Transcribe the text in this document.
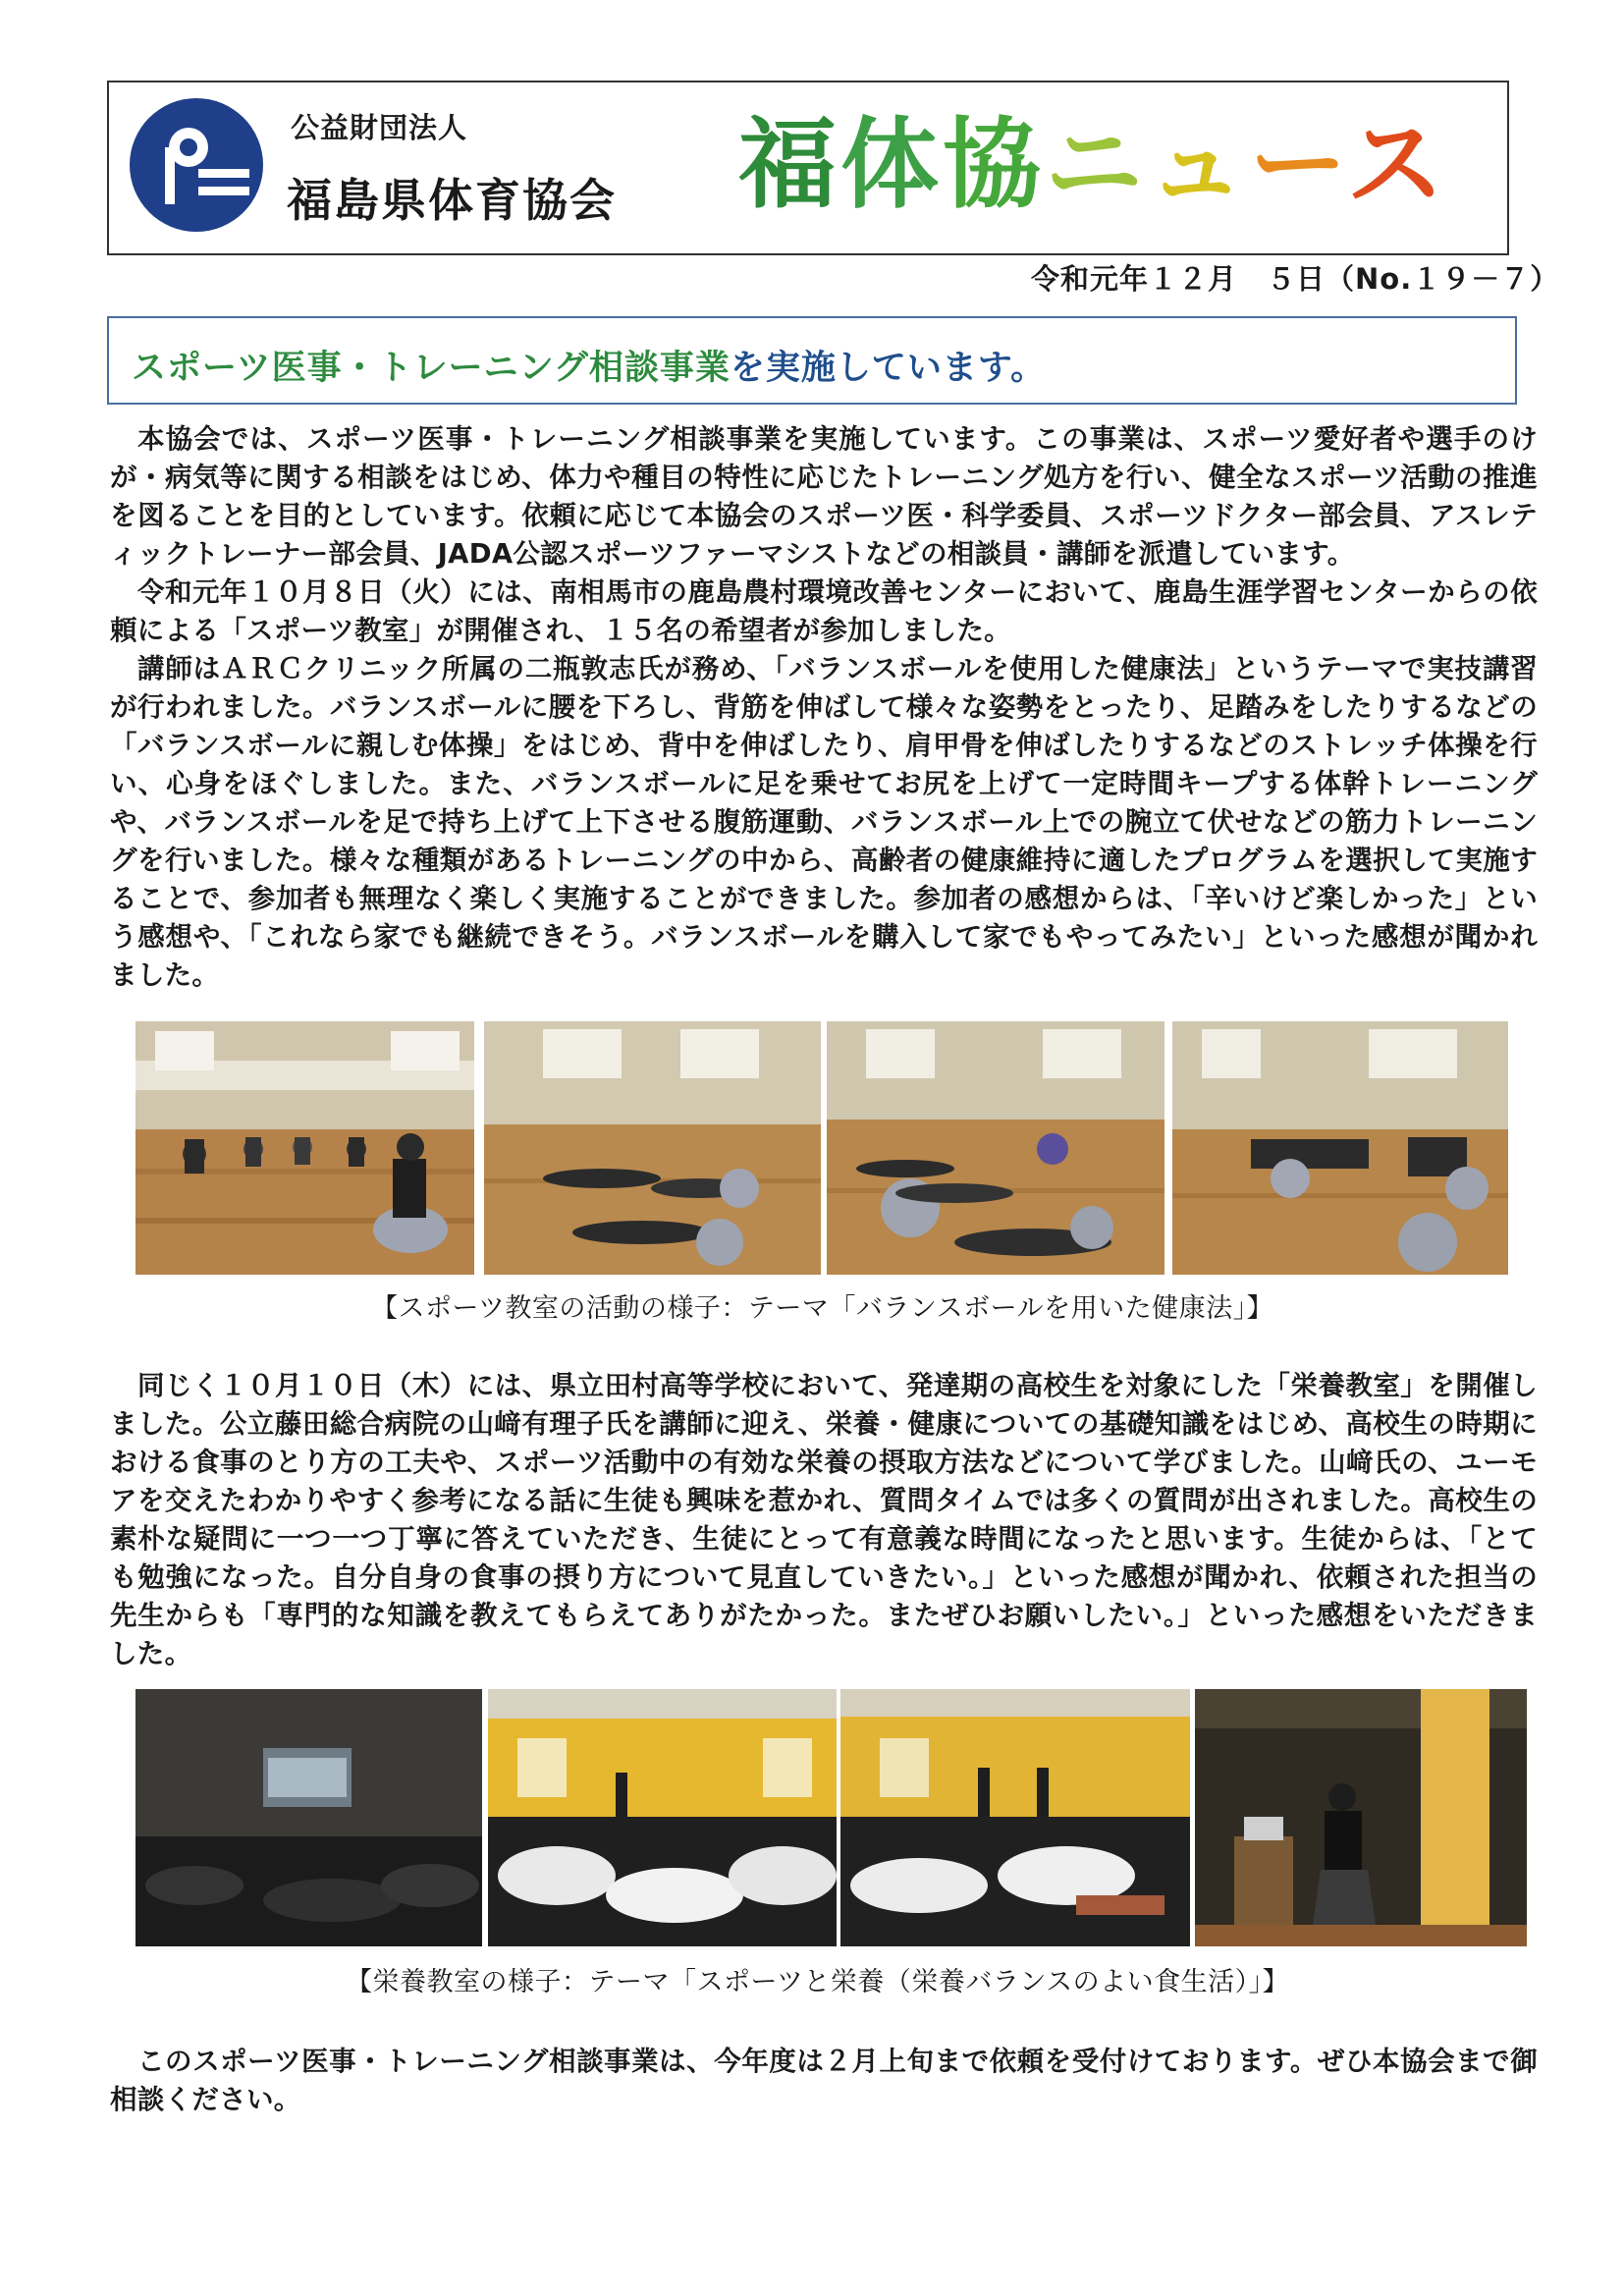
公益財団法人
福島県体育協会 福体協ニュース
令和元年１２月　５日（No.１９－７）
スポーツ医事・トレーニング相談事業を実施しています。
本協会では、スポーツ医事・トレーニング相談事業を実施しています。この事業は、スポーツ愛好者や選手のけが・病気等に関する相談をはじめ、体力や種目の特性に応じたトレーニング処方を行い、健全なスポーツ活動の推進を図ることを目的としています。依頼に応じて本協会のスポーツ医・科学委員、スポーツドクター部会員、アスレティックトレーナー部会員、JADA公認スポーツファーマシストなどの相談員・講師を派遣しています。
令和元年１０月８日（火）には、南相馬市の鹿島農村環境改善センターにおいて、鹿島生涯学習センターからの依頼による「スポーツ教室」が開催され、１５名の希望者が参加しました。
講師はＡＲＣクリニック所属の二瓶敦志氏が務め、「バランスボールを使用した健康法」というテーマで実技講習が行われました。バランスボールに腰を下ろし、背筋を伸ばして様々な姿勢をとったり、足踏みをしたりするなどの「バランスボールに親しむ体操」をはじめ、背中を伸ばしたり、肩甲骨を伸ばしたりするなどのストレッチ体操を行い、心身をほぐしました。また、バランスボールに足を乗せてお尻を上げて一定時間キープする体幹トレーニングや、バランスボールを足で持ち上げて上下させる腹筋運動、バランスボール上での腕立て伏せなどの筋力トレーニングを行いました。様々な種類があるトレーニングの中から、高齢者の健康維持に適したプログラムを選択して実施することで、参加者も無理なく楽しく実施することができました。参加者の感想からは、「辛いけど楽しかった」という感想や、「これなら家でも継続できそう。バランスボールを購入して家でもやってみたい」といった感想が聞かれました。
【スポーツ教室の活動の様子：テーマ「バランスボールを用いた健康法」】
同じく１０月１０日（木）には、県立田村高等学校において、発達期の高校生を対象にした「栄養教室」を開催しました。公立藤田総合病院の山﨑有理子氏を講師に迎え、栄養・健康についての基礎知識をはじめ、高校生の時期における食事のとり方の工夫や、スポーツ活動中の有効な栄養の摂取方法などについて学びました。山﨑氏の、ユーモアを交えたわかりやすく参考になる話に生徒も興味を惹かれ、質問タイムでは多くの質問が出されました。高校生の素朴な疑問に一つ一つ丁寧に答えていただき、生徒にとって有意義な時間になったと思います。生徒からは、「とても勉強になった。自分自身の食事の摂り方について見直していきたい。」といった感想が聞かれ、依頼された担当の先生からも「専門的な知識を教えてもらえてありがたかった。またぜひお願いしたい。」といった感想をいただきました。
【栄養教室の様子：テーマ「スポーツと栄養（栄養バランスのよい食生活）」】
このスポーツ医事・トレーニング相談事業は、今年度は２月上旬まで依頼を受付けております。ぜひ本協会まで御相談ください。
